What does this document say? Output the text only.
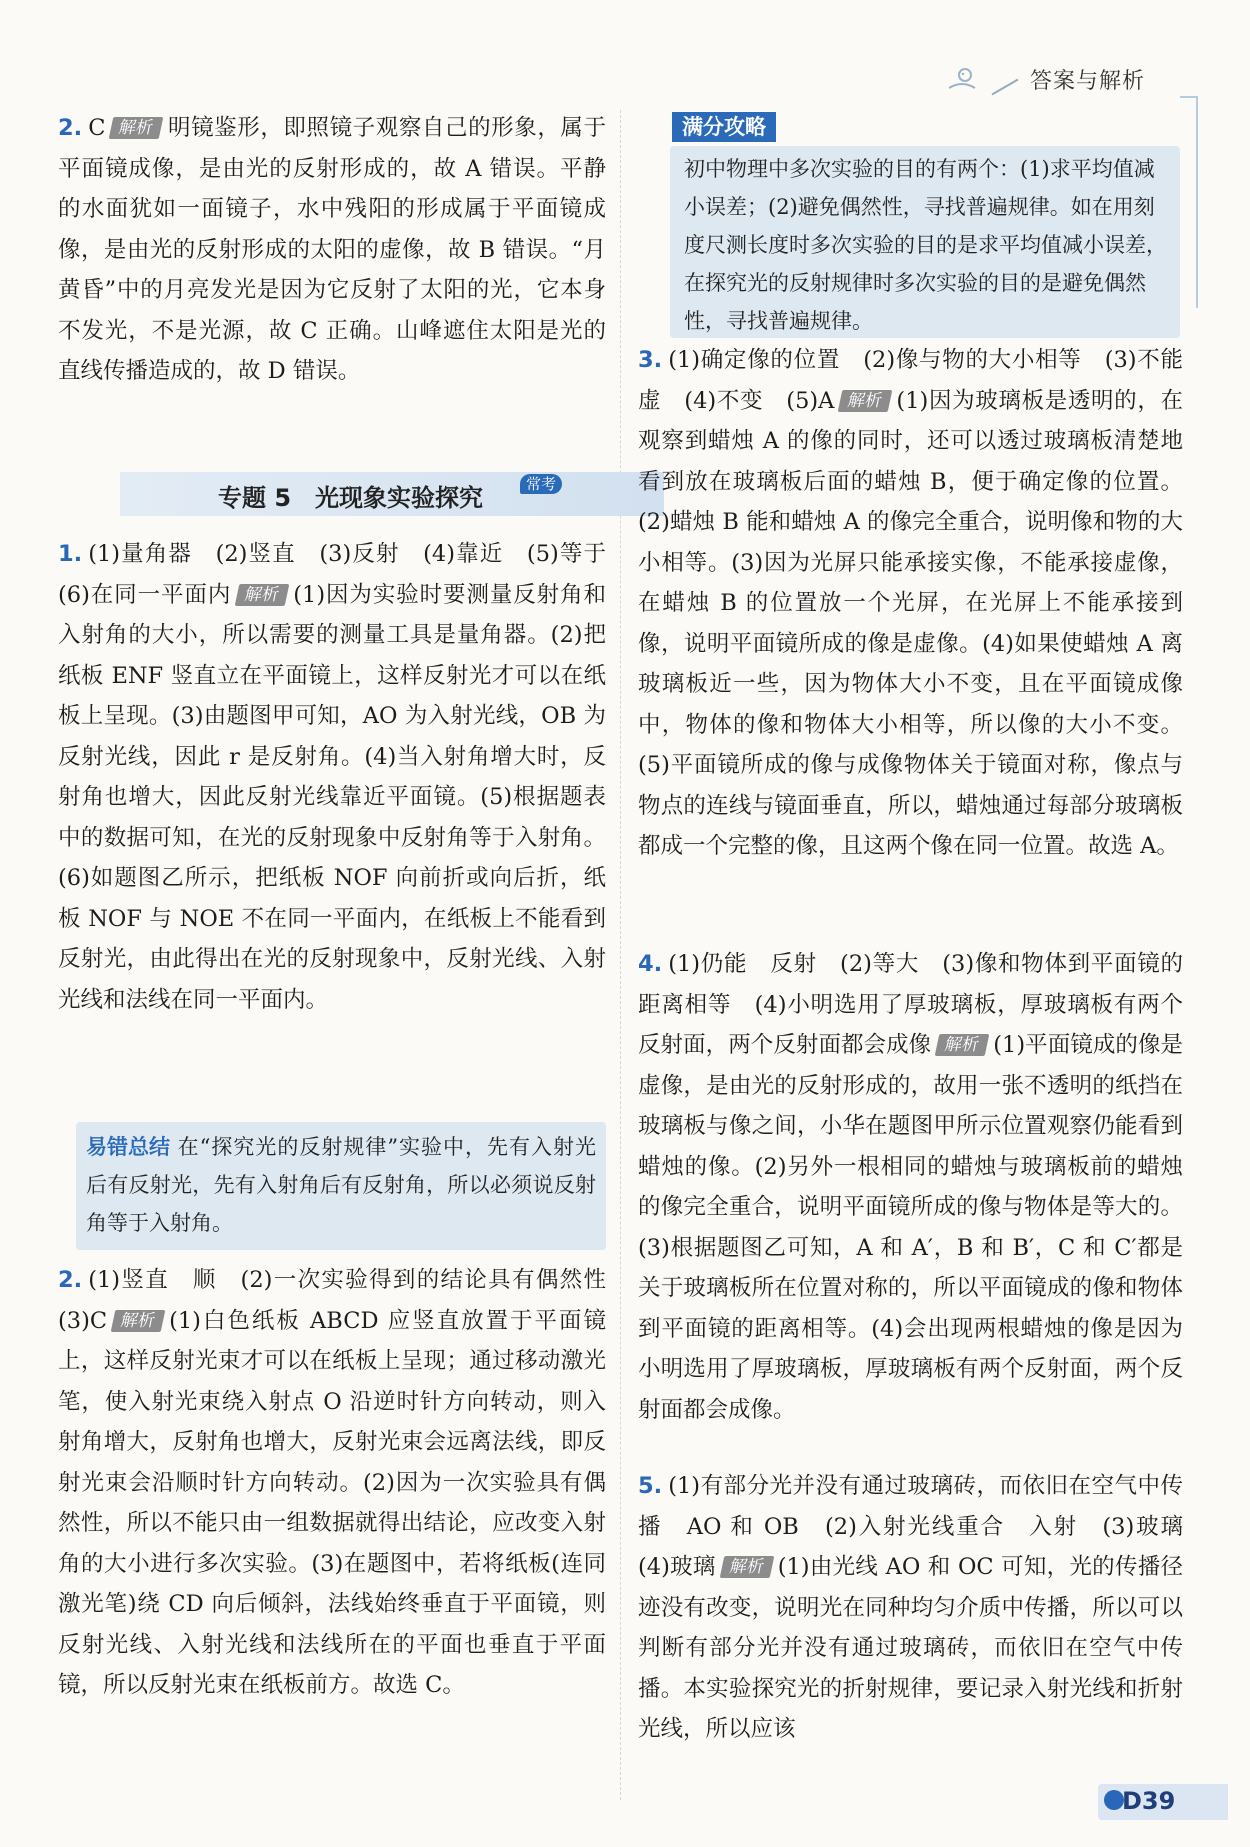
答案与解析

2. C 解析 明镜鉴形，即照镜子观察自己的形象，属于平面镜成像，是由光的反射形成的，故 A 错误。平静的水面犹如一面镜子，水中残阳的形成属于平面镜成像，是由光的反射形成的太阳的虚像，故 B 错误。“月黄昏”中的月亮发光是因为它反射了太阳的光，它本身不发光，不是光源，故 C 正确。山峰遮住太阳是光的直线传播造成的，故 D 错误。

专题 5　光现象实验探究	常考

1. (1)量角器　(2)竖直　(3)反射　(4)靠近　(5)等于　(6)在同一平面内 解析 (1)因为实验时要测量反射角和入射角的大小，所以需要的测量工具是量角器。(2)把纸板 ENF 竖直立在平面镜上，这样反射光才可以在纸板上呈现。(3)由题图甲可知，AO 为入射光线，OB 为反射光线，因此 r 是反射角。(4)当入射角增大时，反射角也增大，因此反射光线靠近平面镜。(5)根据题表中的数据可知，在光的反射现象中反射角等于入射角。(6)如题图乙所示，把纸板 NOF 向前折或向后折，纸板 NOF 与 NOE 不在同一平面内，在纸板上不能看到反射光，由此得出在光的反射现象中，反射光线、入射光线和法线在同一平面内。

易错总结 在“探究光的反射规律”实验中，先有入射光后有反射光，先有入射角后有反射角，所以必须说反射角等于入射角。

2. (1)竖直　顺　(2)一次实验得到的结论具有偶然性　(3)C 解析 (1)白色纸板 ABCD 应竖直放置于平面镜上，这样反射光束才可以在纸板上呈现；通过移动激光笔，使入射光束绕入射点 O 沿逆时针方向转动，则入射角增大，反射角也增大，反射光束会远离法线，即反射光束会沿顺时针方向转动。(2)因为一次实验具有偶然性，所以不能只由一组数据就得出结论，应改变入射角的大小进行多次实验。(3)在题图中，若将纸板(连同激光笔)绕 CD 向后倾斜，法线始终垂直于平面镜，则反射光线、入射光线和法线所在的平面也垂直于平面镜，所以反射光束在纸板前方。故选 C。

满分攻略
初中物理中多次实验的目的有两个：(1)求平均值减小误差；(2)避免偶然性，寻找普遍规律。如在用刻度尺测长度时多次实验的目的是求平均值减小误差，在探究光的反射规律时多次实验的目的是避免偶然性，寻找普遍规律。

3. (1)确定像的位置　(2)像与物的大小相等　(3)不能　虚　(4)不变　(5)A 解析 (1)因为玻璃板是透明的，在观察到蜡烛 A 的像的同时，还可以透过玻璃板清楚地看到放在玻璃板后面的蜡烛 B，便于确定像的位置。(2)蜡烛 B 能和蜡烛 A 的像完全重合，说明像和物的大小相等。(3)因为光屏只能承接实像，不能承接虚像，在蜡烛 B 的位置放一个光屏，在光屏上不能承接到像，说明平面镜所成的像是虚像。(4)如果使蜡烛 A 离玻璃板近一些，因为物体大小不变，且在平面镜成像中，物体的像和物体大小相等，所以像的大小不变。(5)平面镜所成的像与成像物体关于镜面对称，像点与物点的连线与镜面垂直，所以，蜡烛通过每部分玻璃板都成一个完整的像，且这两个像在同一位置。故选 A。

4. (1)仍能　反射　(2)等大　(3)像和物体到平面镜的距离相等　(4)小明选用了厚玻璃板，厚玻璃板有两个反射面，两个反射面都会成像 解析 (1)平面镜成的像是虚像，是由光的反射形成的，故用一张不透明的纸挡在玻璃板与像之间，小华在题图甲所示位置观察仍能看到蜡烛的像。(2)另外一根相同的蜡烛与玻璃板前的蜡烛的像完全重合，说明平面镜所成的像与物体是等大的。(3)根据题图乙可知，A 和 A′，B 和 B′，C 和 C′都是关于玻璃板所在位置对称的，所以平面镜成的像和物体到平面镜的距离相等。(4)会出现两根蜡烛的像是因为小明选用了厚玻璃板，厚玻璃板有两个反射面，两个反射面都会成像。

5. (1)有部分光并没有通过玻璃砖，而依旧在空气中传播　AO 和 OB　(2)入射光线重合　入射　(3)玻璃　(4)玻璃 解析 (1)由光线 AO 和 OC 可知，光的传播径迹没有改变，说明光在同种均匀介质中传播，所以可以判断有部分光并没有通过玻璃砖，而依旧在空气中传播。本实验探究光的折射规律，要记录入射光线和折射光线，所以应该

D39
